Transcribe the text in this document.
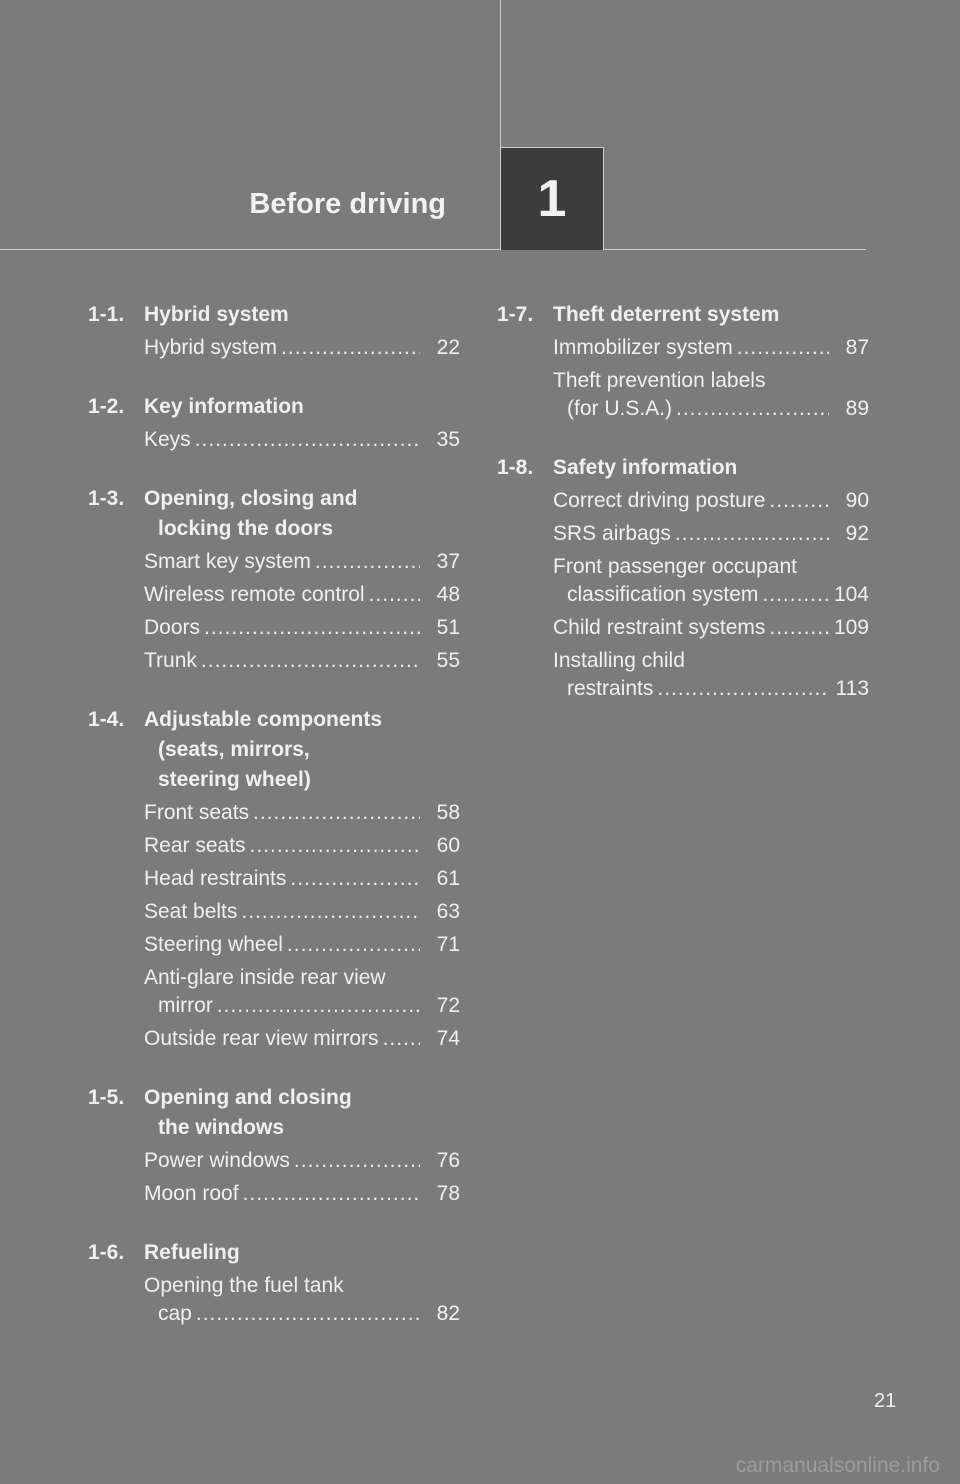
Before driving	1
1-1. Hybrid system
Hybrid system .....	22
1-2. Key information
Keys .....	35
1-3. Opening, closing and
locking the doors
Smart key system .....	37
Wireless remote control .....	48
Doors .....	51
Trunk .....	55
1-4. Adjustable components
(seats, mirrors,
steering wheel)
Front seats .....	58
Rear seats .....	60
Head restraints .....	61
Seat belts .....	63
Steering wheel .....	71
Anti-glare inside rear view
mirror .....	72
Outside rear view mirrors .....	74
1-5. Opening and closing
the windows
Power windows .....	76
Moon roof .....	78
1-6. Refueling
Opening the fuel tank
cap .....	82
1-7. Theft deterrent system
Immobilizer system .....	87
Theft prevention labels
(for U.S.A.) .....	89
1-8. Safety information
Correct driving posture .....	90
SRS airbags .....	92
Front passenger occupant
classification system .....	104
Child restraint systems .....	109
Installing child
restraints .....	113
21
carmanualsonline.info
